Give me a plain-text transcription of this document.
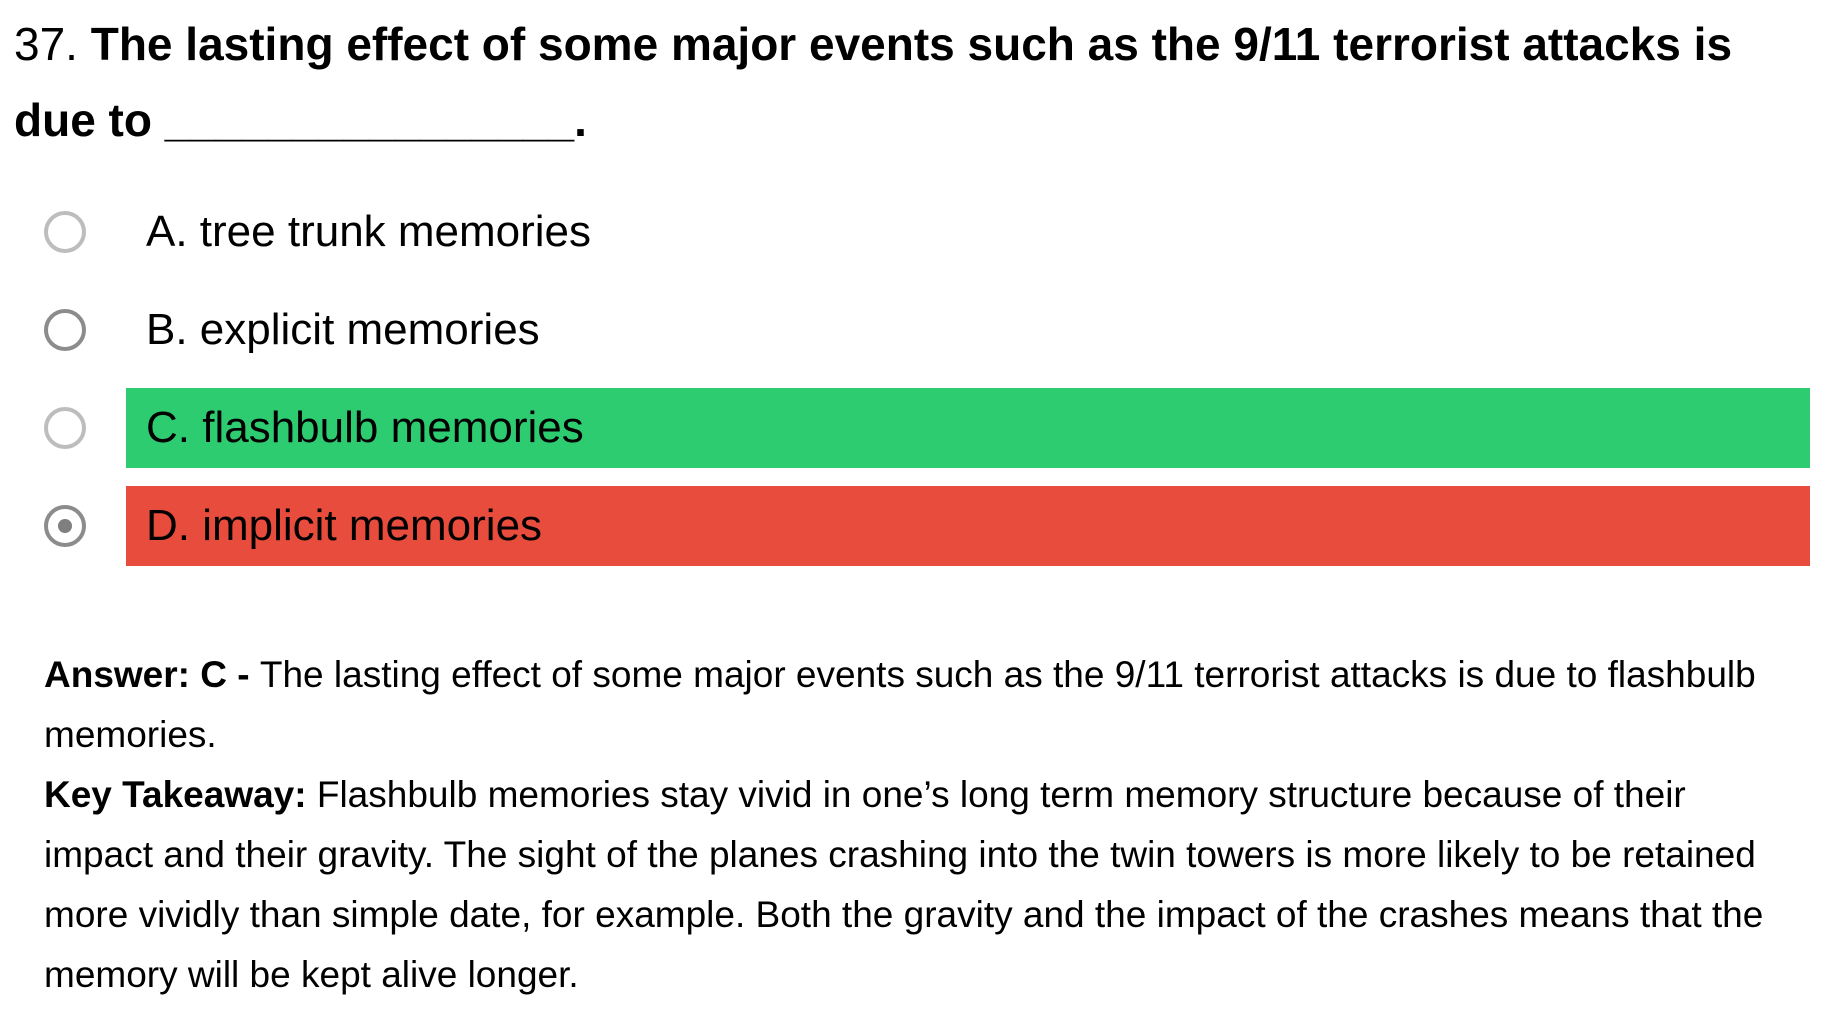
37. The lasting effect of some major events such as the 9/11 terrorist attacks is due to ________________.
A. tree trunk memories
B. explicit memories
C. flashbulb memories
D. implicit memories

Answer: C - The lasting effect of some major events such as the 9/11 terrorist attacks is due to flashbulb memories.

Key Takeaway: Flashbulb memories stay vivid in one’s long term memory structure because of their impact and their gravity. The sight of the planes crashing into the twin towers is more likely to be retained more vividly than simple date, for example. Both the gravity and the impact of the crashes means that the memory will be kept alive longer.
